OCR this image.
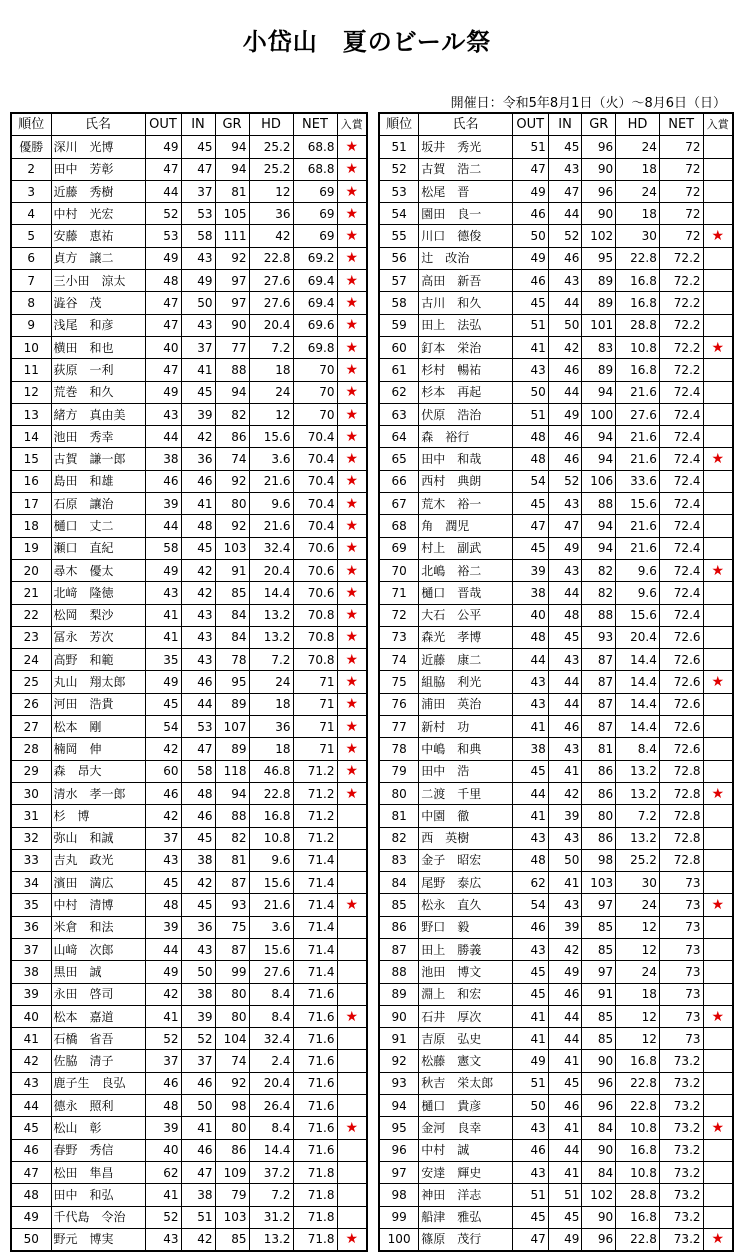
小岱山　夏のビール祭
開催日：令和5年8月1日（火）～8月6日（日）
順位	氏名	OUT	IN	GR	HD	NET	入賞
優勝	深川　光博	49	45	94	25.2	68.8	★
2	田中　芳彰	47	47	94	25.2	68.8	★
3	近藤　秀樹	44	37	81	12	69	★
4	中村　光宏	52	53	105	36	69	★
5	安藤　恵祐	53	58	111	42	69	★
6	貞方　譲二	49	43	92	22.8	69.2	★
7	三小田　涼太	48	49	97	27.6	69.4	★
8	澁谷　茂	47	50	97	27.6	69.4	★
9	浅尾　和彦	47	43	90	20.4	69.6	★
10	横田　和也	40	37	77	7.2	69.8	★
11	荻原　一利	47	41	88	18	70	★
12	荒巻　和久	49	45	94	24	70	★
13	緒方　真由美	43	39	82	12	70	★
14	池田　秀幸	44	42	86	15.6	70.4	★
15	古賀　謙一郎	38	36	74	3.6	70.4	★
16	島田　和雄	46	46	92	21.6	70.4	★
17	石原　讓治	39	41	80	9.6	70.4	★
18	樋口　丈二	44	48	92	21.6	70.4	★
19	瀬口　直紀	58	45	103	32.4	70.6	★
20	尋木　優太	49	42	91	20.4	70.6	★
21	北﨑　隆徳	43	42	85	14.4	70.6	★
22	松岡　梨沙	41	43	84	13.2	70.8	★
23	冨永　芳次	41	43	84	13.2	70.8	★
24	高野　和範	35	43	78	7.2	70.8	★
25	丸山　翔太郎	49	46	95	24	71	★
26	河田　浩貴	45	44	89	18	71	★
27	松本　剛	54	53	107	36	71	★
28	楠岡　伸	42	47	89	18	71	★
29	森　昂大	60	58	118	46.8	71.2	★
30	清水　孝一郎	46	48	94	22.8	71.2	★
31	杉　博	42	46	88	16.8	71.2	
32	弥山　和誠	37	45	82	10.8	71.2	
33	吉丸　政光	43	38	81	9.6	71.4	
34	濱田　満広	45	42	87	15.6	71.4	
35	中村　清博	48	45	93	21.6	71.4	★
36	米倉　和法	39	36	75	3.6	71.4	
37	山﨑　次郎	44	43	87	15.6	71.4	
38	黒田　誠	49	50	99	27.6	71.4	
39	永田　啓司	42	38	80	8.4	71.6	
40	松本　嘉道	41	39	80	8.4	71.6	★
41	石橋　省吾	52	52	104	32.4	71.6	
42	佐脇　清子	37	37	74	2.4	71.6	
43	鹿子生　良弘	46	46	92	20.4	71.6	
44	德永　照利	48	50	98	26.4	71.6	
45	松山　彰	39	41	80	8.4	71.6	★
46	春野　秀信	40	46	86	14.4	71.6	
47	松田　隼昌	62	47	109	37.2	71.8	
48	田中　和弘	41	38	79	7.2	71.8	
49	千代島　令治	52	51	103	31.2	71.8	
50	野元　博実	43	42	85	13.2	71.8	★
順位	氏名	OUT	IN	GR	HD	NET	入賞
51	坂井　秀光	51	45	96	24	72	
52	古賀　浩二	47	43	90	18	72	
53	松尾　晋	49	47	96	24	72	
54	園田　良一	46	44	90	18	72	
55	川口　德俊	50	52	102	30	72	★
56	辻　改治	49	46	95	22.8	72.2	
57	高田　新吾	46	43	89	16.8	72.2	
58	古川　和久	45	44	89	16.8	72.2	
59	田上　法弘	51	50	101	28.8	72.2	
60	釘本　栄治	41	42	83	10.8	72.2	★
61	杉村　暢祐	43	46	89	16.8	72.2	
62	杉本　再起	50	44	94	21.6	72.4	
63	伏原　浩治	51	49	100	27.6	72.4	
64	森　裕行	48	46	94	21.6	72.4	
65	田中　和哉	48	46	94	21.6	72.4	★
66	西村　典朗	54	52	106	33.6	72.4	
67	荒木　裕一	45	43	88	15.6	72.4	
68	角　潤児	47	47	94	21.6	72.4	
69	村上　副武	45	49	94	21.6	72.4	
70	北嶋　裕二	39	43	82	9.6	72.4	★
71	樋口　晋哉	38	44	82	9.6	72.4	
72	大石　公平	40	48	88	15.6	72.4	
73	森光　孝博	48	45	93	20.4	72.6	
74	近藤　康二	44	43	87	14.4	72.6	
75	組脇　利光	43	44	87	14.4	72.6	★
76	浦田　英治	43	44	87	14.4	72.6	
77	新村　功	41	46	87	14.4	72.6	
78	中嶋　和典	38	43	81	8.4	72.6	
79	田中　浩	45	41	86	13.2	72.8	
80	二渡　千里	44	42	86	13.2	72.8	★
81	中園　徹	41	39	80	7.2	72.8	
82	西　英樹	43	43	86	13.2	72.8	
83	金子　昭宏	48	50	98	25.2	72.8	
84	尾野　泰広	62	41	103	30	73	
85	松永　直久	54	43	97	24	73	★
86	野口　毅	46	39	85	12	73	
87	田上　勝義	43	42	85	12	73	
88	池田　博文	45	49	97	24	73	
89	淵上　和宏	45	46	91	18	73	
90	石井　厚次	41	44	85	12	73	★
91	吉原　弘史	41	44	85	12	73	
92	松藤　憲文	49	41	90	16.8	73.2	
93	秋吉　栄太郎	51	45	96	22.8	73.2	
94	樋口　貴彦	50	46	96	22.8	73.2	
95	金河　良幸	43	41	84	10.8	73.2	★
96	中村　誠	46	44	90	16.8	73.2	
97	安達　輝史	43	41	84	10.8	73.2	
98	神田　洋志	51	51	102	28.8	73.2	
99	船津　雅弘	45	45	90	16.8	73.2	
100	篠原　茂行	47	49	96	22.8	73.2	★
